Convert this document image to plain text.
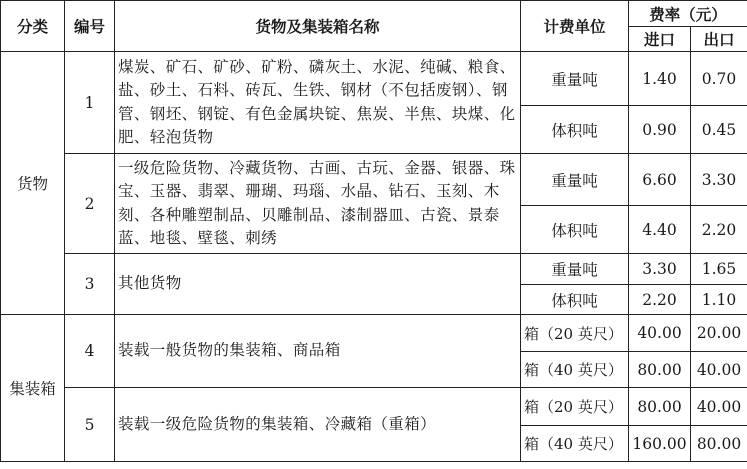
分类	编号	货物及集装箱名称	计费单位	费率（元）	
				进口	出口
货物	1	煤炭、矿石、矿砂、矿粉、磷灰土、水泥、纯碱、粮食、盐、砂土、石料、砖瓦、生铁、钢材（不包括废钢）、钢管、钢坯、钢锭、有色金属块锭、焦炭、半焦、块煤、化肥、轻泡货物	重量吨	1.40	0.70
			体积吨	0.90	0.45
	2	一级危险货物、冷藏货物、古画、古玩、金器、银器、珠宝、玉器、翡翠、珊瑚、玛瑙、水晶、钻石、玉刻、木刻、各种雕塑制品、贝雕制品、漆制器皿、古瓷、景泰蓝、地毯、壁毯、刺绣	重量吨	6.60	3.30
			体积吨	4.40	2.20
	3	其他货物	重量吨	3.30	1.65
			体积吨	2.20	1.10
集装箱	4	装载一般货物的集装箱、商品箱	箱（20 英尺）	40.00	20.00
			箱（40 英尺）	80.00	40.00
	5	装载一级危险货物的集装箱、冷藏箱（重箱）	箱（20 英尺）	80.00	40.00
			箱（40 英尺）	160.00	80.00
